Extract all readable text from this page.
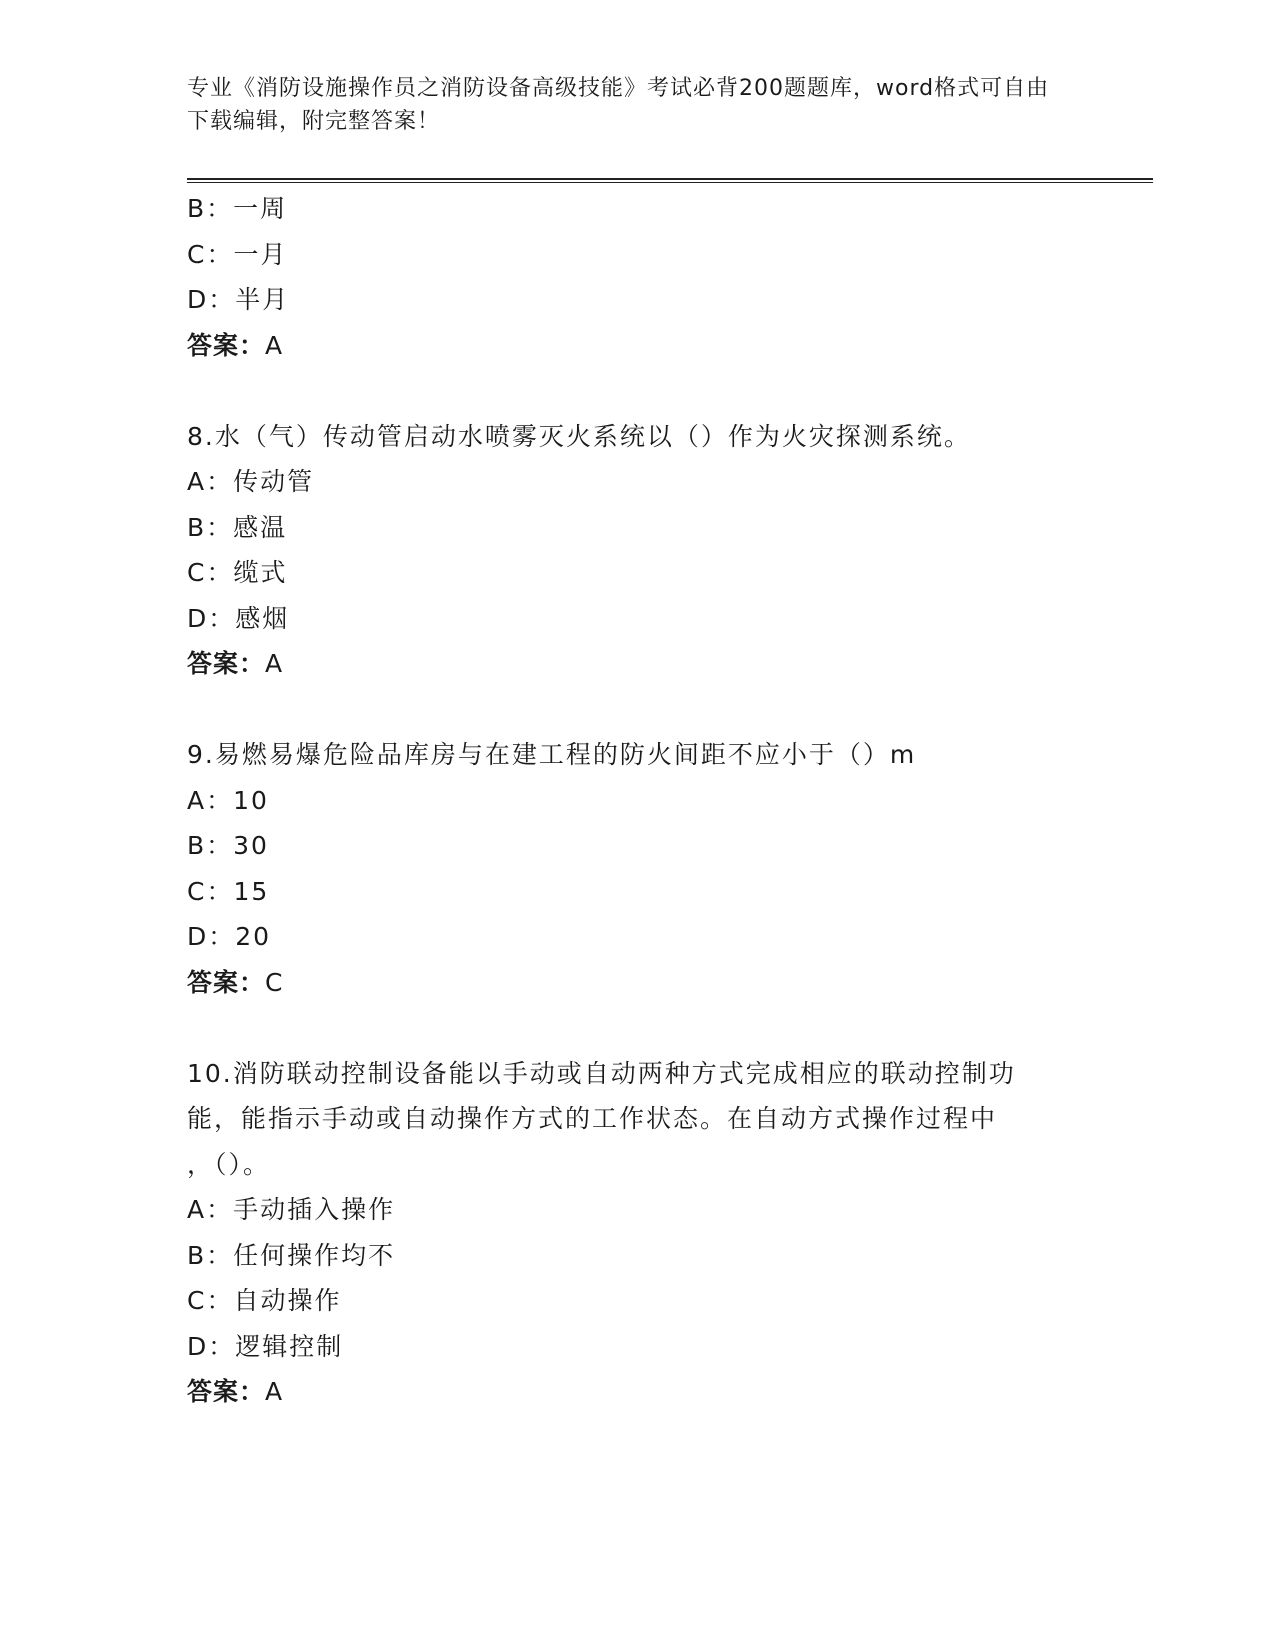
专业《消防设施操作员之消防设备高级技能》考试必背200题题库，word格式可自由下载编辑，附完整答案！
B：一周
C：一月
D：半月
答案：A
8.水（气）传动管启动水喷雾灭火系统以（）作为火灾探测系统。
A：传动管
B：感温
C：缆式
D：感烟
答案：A
9.易燃易爆危险品库房与在建工程的防火间距不应小于（）m
A：10
B：30
C：15
D：20
答案：C
10.消防联动控制设备能以手动或自动两种方式完成相应的联动控制功
能，能指示手动或自动操作方式的工作状态。在自动方式操作过程中
，（）。
A：手动插入操作
B：任何操作均不
C：自动操作
D：逻辑控制
答案：A
